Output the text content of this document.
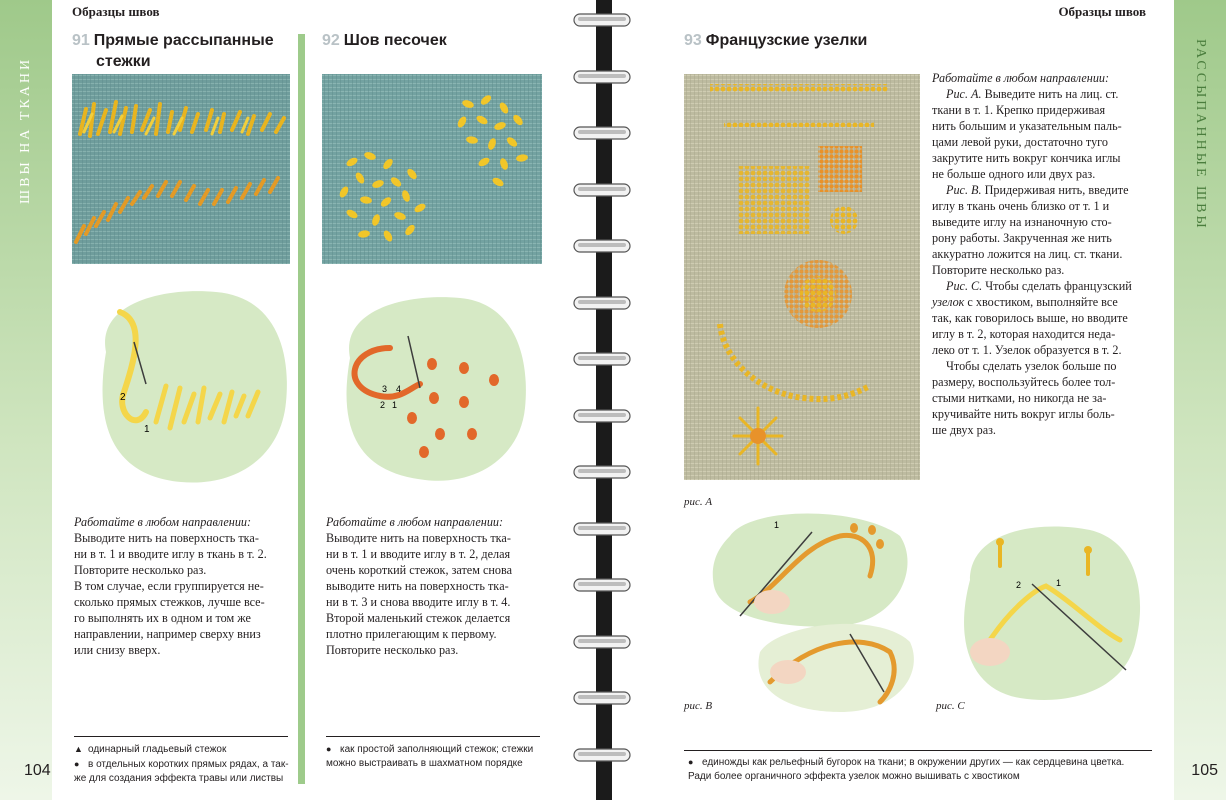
ШВЫ НА ТКАНИ
104
РАССЫПАННЫЕ ШВЫ
105
Образцы швов	Образцы швов
91 Прямые рассыпанные
стежки
2
1
Работайте в любом направлении:

Выводите нить на поверхность тка-

ни в т. 1 и вводите иглу в ткань в т. 2.

Повторите несколько раз.

В том случае, если группируется не-

сколько прямых стежков, лучше все-

го выполнять их в одном и том же

направлении, например сверху вниз

или снизу вверх.

▲ одинарный гладьевый стежок
● в отдельных коротких прямых рядах, а так-
же для создания эффекта травы или листвы
92 Шов песочек
3 4
2 1
Работайте в любом направлении:

Выводите нить на поверхность тка-

ни в т. 1 и вводите иглу в т. 2, делая

очень короткий стежок, затем снова

выводите нить на поверхность ткa-

ни в т. 3 и снова вводите иглу в т. 4.

Второй маленький стежок делается

плотно прилегающим к первому.

Повторите несколько раз.

● как простой заполняющий стежок; стежки
можно выстраивать в шахматном порядке
93 Французские узелки
Работайте в любом направлении:

Рис. А. Выведите нить на лиц. ст.

ткани в т. 1. Крепко придерживая

нить большим и указательным паль-

цами левой руки, достаточно туго

закрутите нить вокруг кончика иглы

не больше одного или двух раз.

Рис. В. Придерживая нить, введите

иглу в ткань очень близко от т. 1 и

выведите иглу на изнаночную сто-

рону работы. Закрученная же нить

аккуратно ложится на лиц. ст. ткани.

Повторите несколько раз.

Рис. С. Чтобы сделать французский

узелок с хвостиком, выполняйте все

так, как говорилось выше, но вводите

иглу в т. 2, которая находится неда-

леко от т. 1. Узелок образуется в т. 2.

Чтобы сделать узелок больше по

размеру, воспользуйтесь более тол-

стыми нитками, но никогда не за-

кручивайте нить вокруг иглы боль-

ше двух раз.

рис. A
1
рис. B
2	1
рис. C
● единожды как рельефный бугорок на ткани; в окружении других — как сердцевина цветка.
Ради более органичного эффекта узелок можно вышивать с хвостиком
